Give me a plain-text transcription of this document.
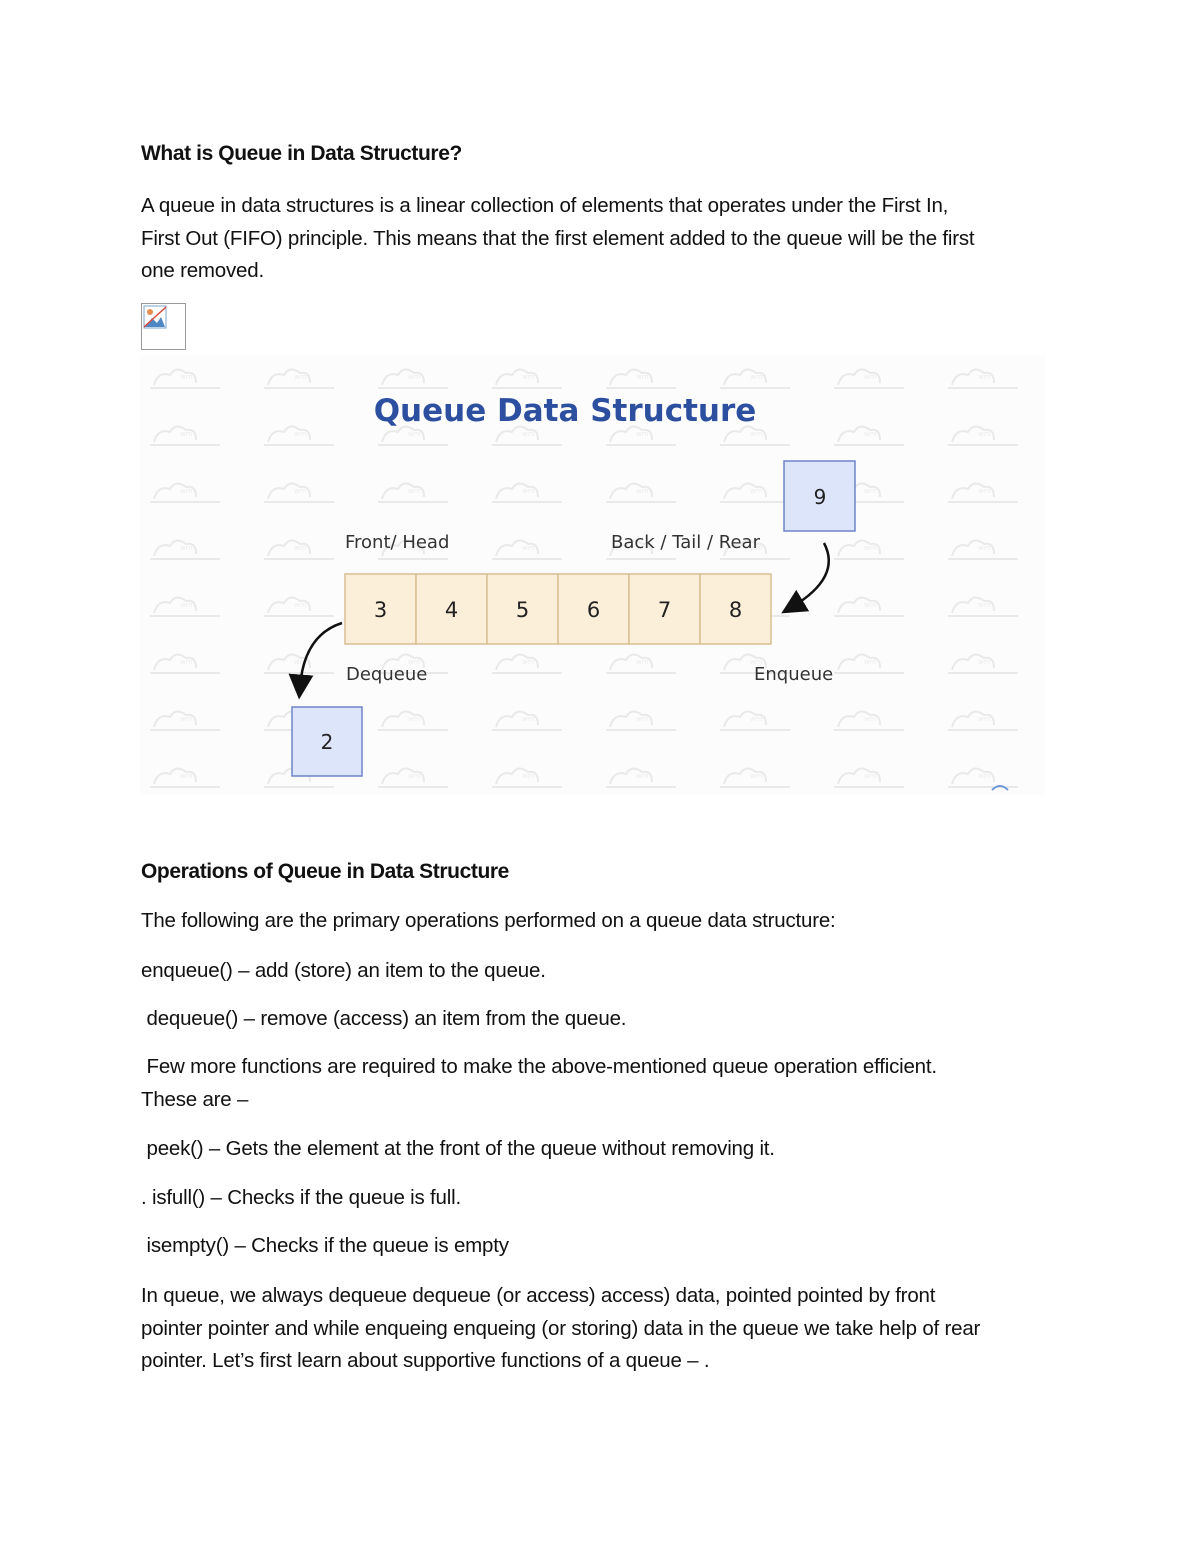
What is Queue in Data Structure?
A queue in data structures is a linear collection of elements that operates under the First In,
First Out (FIFO) principle. This means that the first element added to the queue will be the first
one removed.
Queue Data Structure
Front/ Head	Back / Tail / Rear
3	4	5	6	7	8
9
Dequeue	Enqueue
2
Operations of Queue in Data Structure
The following are the primary operations performed on a queue data structure:
enqueue() – add (store) an item to the queue.
dequeue() – remove (access) an item from the queue.
Few more functions are required to make the above-mentioned queue operation efficient.
These are –
peek() – Gets the element at the front of the queue without removing it.
. isfull() – Checks if the queue is full.
isempty() – Checks if the queue is empty
In queue, we always dequeue dequeue (or access) access) data, pointed pointed by front
pointer pointer and while enqueing enqueing (or storing) data in the queue we take help of rear
pointer. Let’s first learn about supportive functions of a queue – .
